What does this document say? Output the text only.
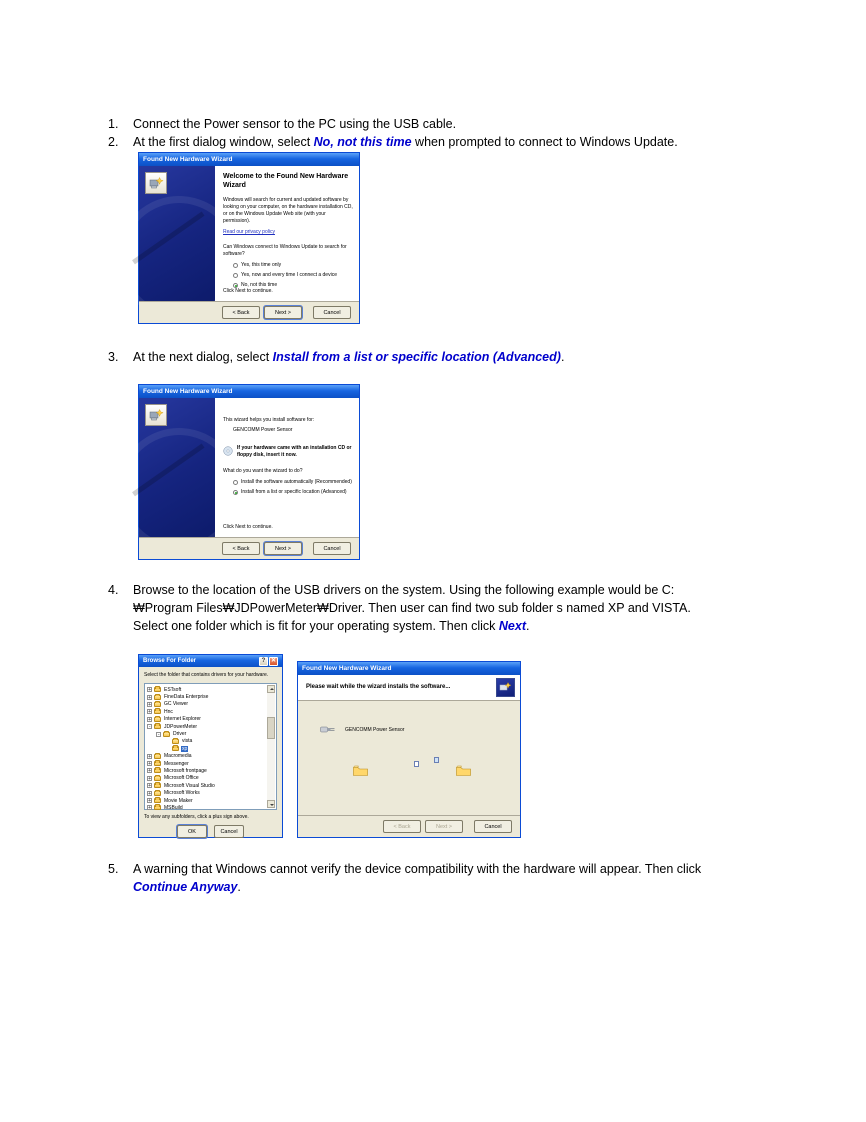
1.	Connect the Power sensor to the PC using the USB cable.
2.	At the first dialog window, select No, not this time when prompted to connect to Windows Update.
3.	At the next dialog, select Install from a list or specific location (Advanced).
4.	Browse to the location of the USB drivers on the system. Using the following example would be C:₩Program Files₩JDPowerMeter₩Driver. Then user can find two sub folder s named XP and VISTA. Select one folder which is fit for your operating system. Then click Next.
5.	A warning that Windows cannot verify the device compatibility with the hardware will appear. Then click Continue Anyway.
Found New Hardware Wizard
Welcome to the Found New Hardware Wizard
Windows will search for current and updated software by looking on your computer, on the hardware installation CD, or on the Windows Update Web site (with your permission).
Read our privacy policy
Can Windows connect to Windows Update to search for software?
Yes, this time only
Yes, now and every time I connect a device
No, not this time
Click Next to continue.
< Back	Next >	Cancel
Found New Hardware Wizard
This wizard helps you install software for:
GENCOMM Power Sensor
If your hardware came with an installation CD or floppy disk, insert it now.
What do you want the wizard to do?
Install the software automatically (Recommended)
Install from a list or specific location (Advanced)
Click Next to continue.
< Back	Next >	Cancel
Browse For Folder	? ✕
Select the folder that contains drivers for your hardware.
+	ESTsoft
+	FineData Enterprise
+	GC Viewer
+	Hnc
+	Internet Explorer
-	JDPowerMeter
-	Driver
vista
xp
+	Macromedia
+	Messenger
+	Microsoft frontpage
+	Microsoft Office
+	Microsoft Visual Studio
+	Microsoft Works
+	Movie Maker
+	MSBuild
To view any subfolders, click a plus sign above.
OK	Cancel
Found New Hardware Wizard
Please wait while the wizard installs the software...
GENCOMM Power Sensor
< Back	Next >	Cancel
